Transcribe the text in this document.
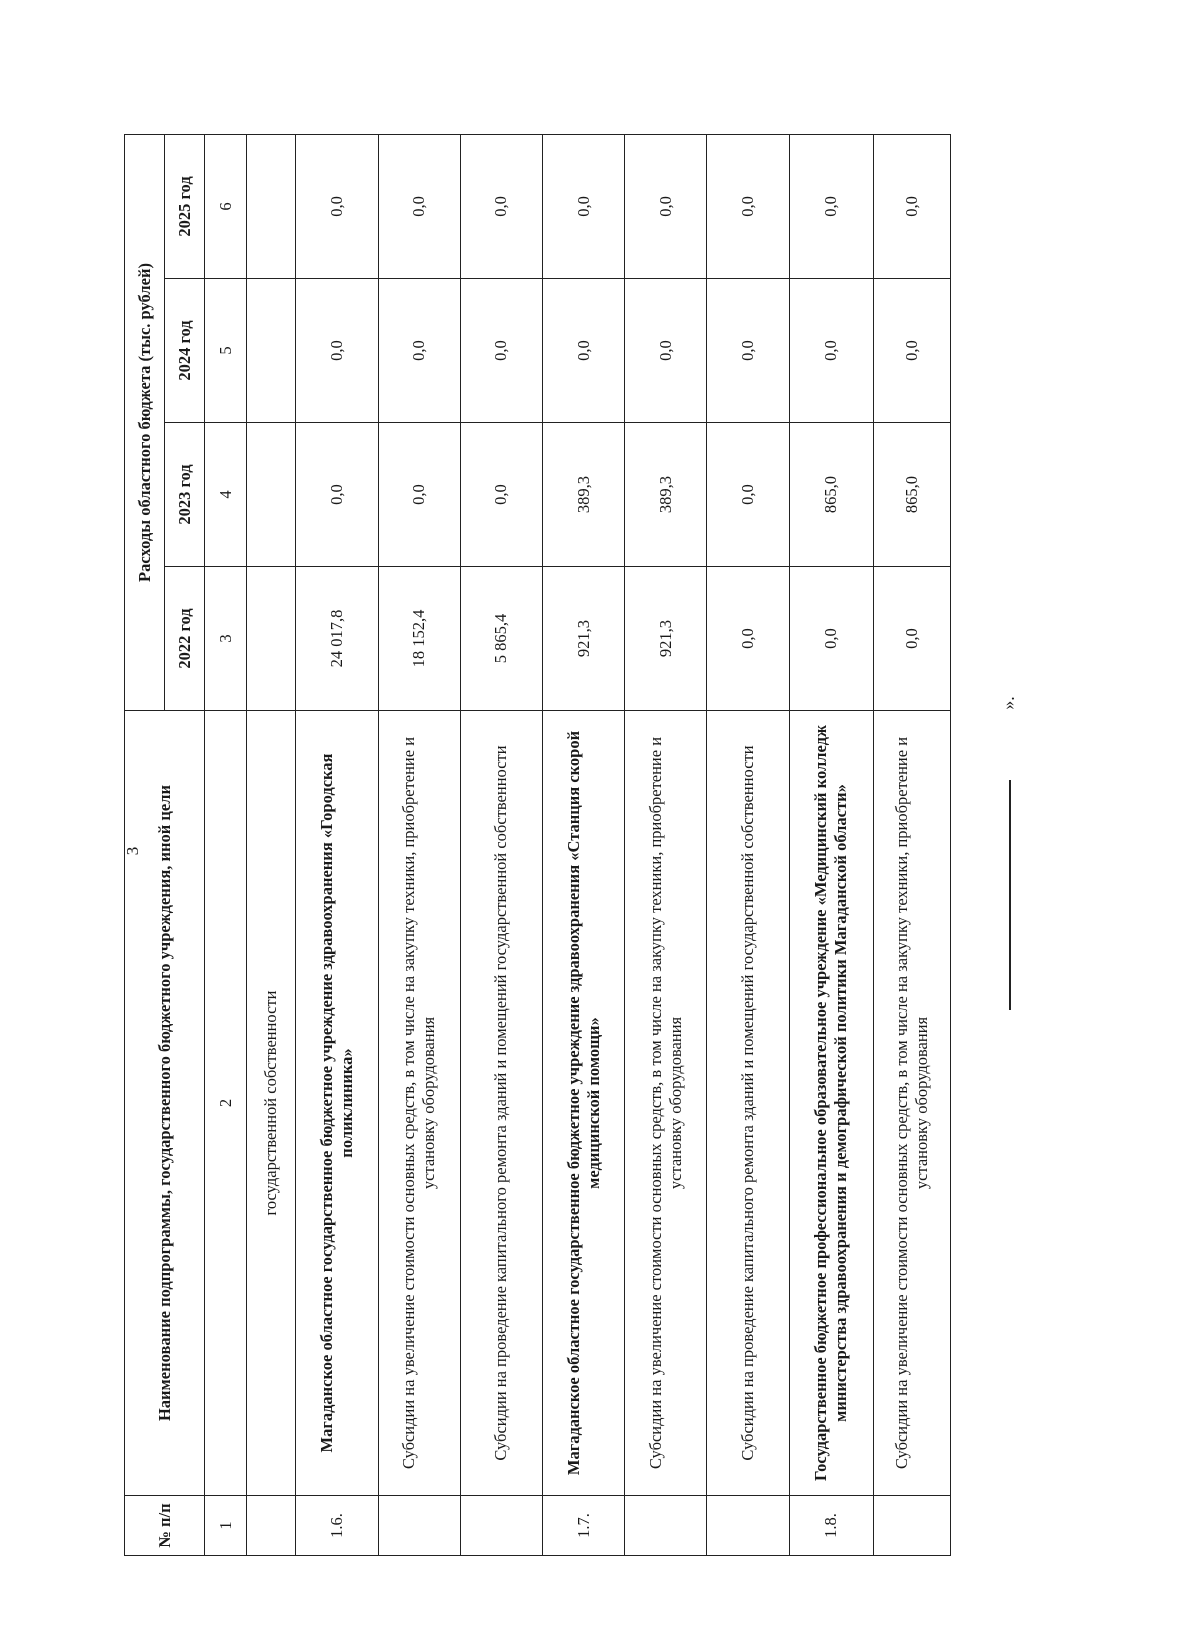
3
№ п/п	Наименование подпрограммы, государственного бюджетного учреждения, иной цели	Расходы областного бюджета (тыс. рублей)			
		2022 год	2023 год	2024 год	2025 год
1	2	3	4	5	6
	государственной собственности				
1.6.	Магаданское областное государственное бюджетное учреждение здравоохранения «Городская поликлиника»	24 017,8	0,0	0,0	0,0
	Субсидии на увеличение стоимости основных средств, в том числе на закупку техники, приобретение и установку оборудования	18 152,4	0,0	0,0	0,0
	Субсидии на проведение капитального ремонта зданий и помещений государственной собственности	5 865,4	0,0	0,0	0,0
1.7.	Магаданское областное государственное бюджетное учреждение здравоохранения «Станция скорой медицинской помощи»	921,3	389,3	0,0	0,0
	Субсидии на увеличение стоимости основных средств, в том числе на закупку техники, приобретение и установку оборудования	921,3	389,3	0,0	0,0
	Субсидии на проведение капитального ремонта зданий и помещений государственной собственности	0,0	0,0	0,0	0,0
1.8.	Государственное бюджетное профессиональное образовательное учреждение «Медицинский колледж министерства здравоохранения и демографической политики Магаданской области»	0,0	865,0	0,0	0,0
	Субсидии на увеличение стоимости основных средств, в том числе на закупку техники, приобретение и установку оборудования	0,0	865,0	0,0	0,0
».
